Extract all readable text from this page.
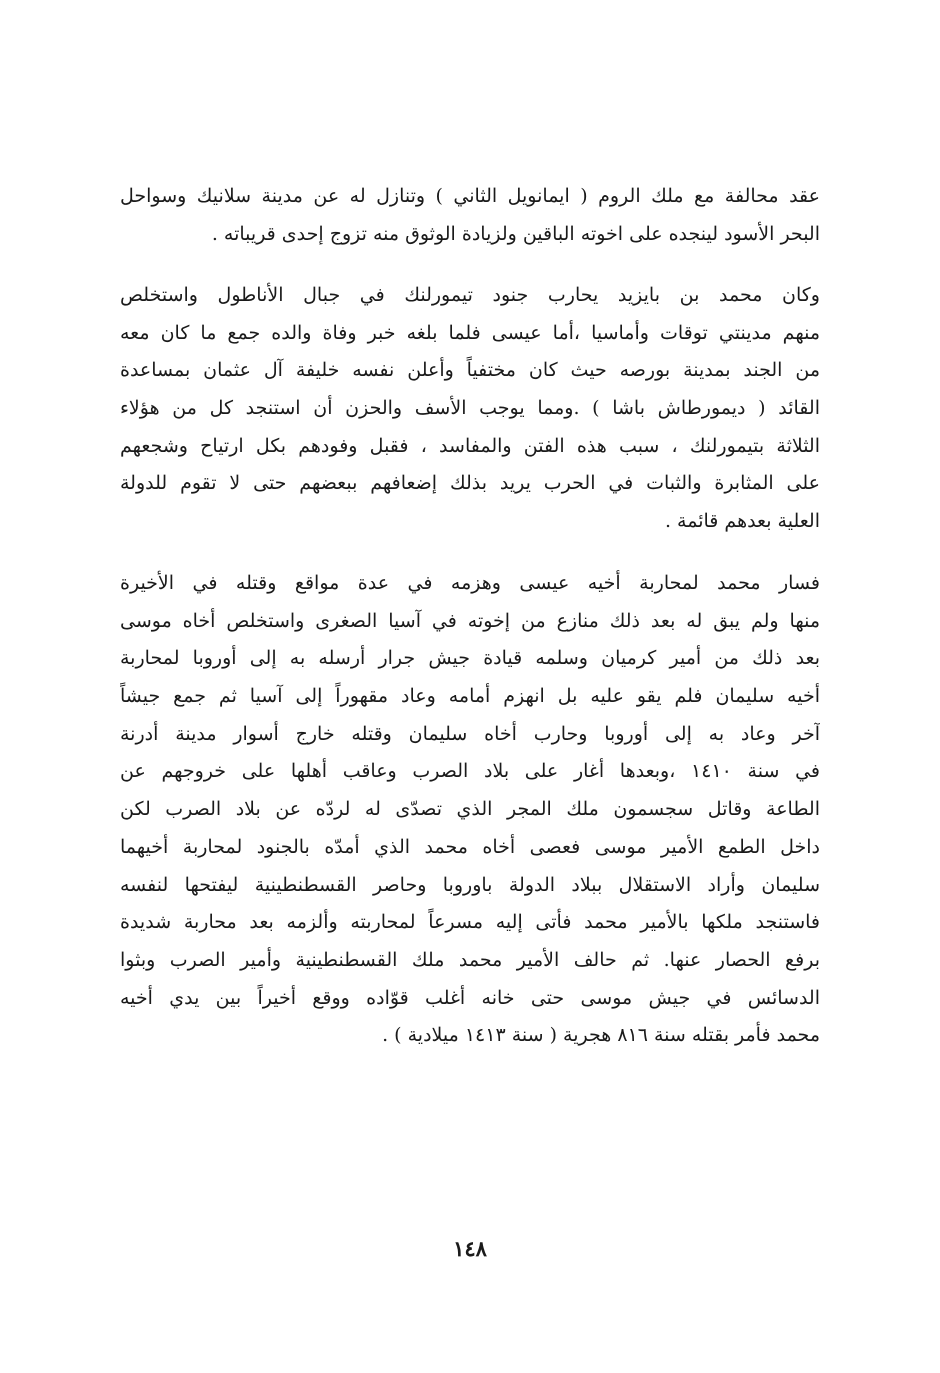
عقد محالفة مع ملك الروم ( ايمانويل الثاني ) وتنازل له عن مدينة سلانيك وسواحل
البحر الأسود لينجده على اخوته الباقين ولزيادة الوثوق منه تزوج إحدى قريباته .
وكان محمد بن بايزيد يحارب جنود تيمورلنك في جبال الأناطول واستخلص
منهم مدينتي توقات وأماسيا ،أما عيسى فلما بلغه خبر وفاة والده جمع ما كان معه
من الجند بمدينة بورصه حيث كان مختفياً وأعلن نفسه خليفة آل عثمان بمساعدة
القائد ( ديمورطاش باشا ) .ومما يوجب الأسف والحزن أن استنجد كل من هؤلاء
الثلاثة بتيمورلنك ، سبب هذه الفتن والمفاسد ، فقبل وفودهم بكل ارتياح وشجعهم
على المثابرة والثبات في الحرب يريد بذلك إضعافهم ببعضهم حتى لا تقوم للدولة
العلية بعدهم قائمة .
فسار محمد لمحاربة أخيه عيسى وهزمه في عدة مواقع وقتله في الأخيرة
منها ولم يبق له بعد ذلك منازع من إخوته في آسيا الصغرى واستخلص أخاه موسى
بعد ذلك من أمير كرميان وسلمه قيادة جيش جرار أرسله به إلى أوروبا لمحاربة
أخيه سليمان فلم يقو عليه بل انهزم أمامه وعاد مقهوراً إلى آسيا ثم جمع جيشاً
آخر وعاد به إلى أوروبا وحارب أخاه سليمان وقتله خارج أسوار مدينة أدرنة
في سنة ١٤١٠ ،وبعدها أغار على بلاد الصرب وعاقب أهلها على خروجهم عن
الطاعة وقاتل سجسمون ملك المجر الذي تصدّى له لردّه عن بلاد الصرب لكن
داخل الطمع الأمير موسى فعصى أخاه محمد الذي أمدّه بالجنود لمحاربة أخيهما
سليمان وأراد الاستقلال ببلاد الدولة باوروبا وحاصر القسطنطينية ليفتحها لنفسه
فاستنجد ملكها بالأمير محمد فأتى إليه مسرعاً لمحاربته وألزمه بعد محاربة شديدة
برفع الحصار عنها. ثم حالف الأمير محمد ملك القسطنطينية وأمير الصرب وبثوا
الدسائس في جيش موسى حتى خانه أغلب قوّاده ووقع أخيراً بين يدي أخيه
محمد فأمر بقتله سنة ٨١٦ هجرية ( سنة ١٤١٣ ميلادية ) .
١٤٨
